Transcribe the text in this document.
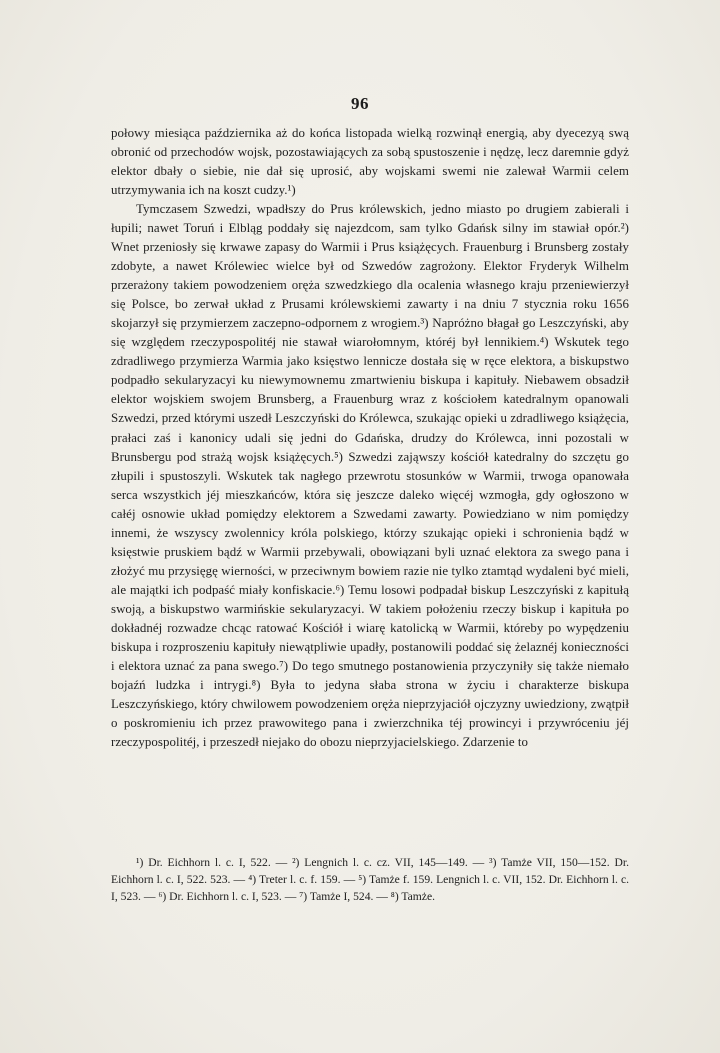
96

połowy miesiąca października aż do końca listopada wielką rozwinął energią, aby dyecezyą swą obronić od przechodów wojsk, pozostawiających za sobą spustoszenie i nędzę, lecz daremnie gdyż elektor dbały o siebie, nie dał się uprosić, aby wojskami swemi nie zalewał Warmii celem utrzymywania ich na koszt cudzy.¹)

Tymczasem Szwedzi, wpadłszy do Prus królewskich, jedno miasto po drugiem zabierali i łupili; nawet Toruń i Elbląg poddały się najezdcom, sam tylko Gdańsk silny im stawiał opór.²) Wnet przeniosły się krwawe zapasy do Warmii i Prus książęcych. Frauenburg i Brunsberg zostały zdobyte, a nawet Królewiec wielce był od Szwedów zagrożony. Elektor Fryderyk Wilhelm przerażony takiem powodzeniem oręża szwedzkiego dla ocalenia własnego kraju przeniewierzył się Polsce, bo zerwał układ z Prusami królewskiemi zawarty i na dniu 7 stycznia roku 1656 skojarzył się przymierzem zaczepno-odpornem z wrogiem.³) Napróżno błagał go Leszczyński, aby się względem rzeczypospolitéj nie stawał wiarołomnym, któréj był lennikiem.⁴) Wskutek tego zdradliwego przymierza Warmia jako księstwo lennicze dostała się w ręce elektora, a biskupstwo podpadło sekularyzacyi ku niewymownemu zmartwieniu biskupa i kapituły. Niebawem obsadził elektor wojskiem swojem Brunsberg, a Frauenburg wraz z kościołem katedralnym opanowali Szwedzi, przed którymi uszedł Leszczyński do Królewca, szukając opieki u zdradliwego książęcia, prałaci zaś i kanonicy udali się jedni do Gdańska, drudzy do Królewca, inni pozostali w Brunsbergu pod strażą wojsk książęcych.⁵) Szwedzi zająwszy kościół katedralny do szczętu go złupili i spustoszyli. Wskutek tak nagłego przewrotu stosunków w Warmii, trwoga opanowała serca wszystkich jéj mieszkańców, która się jeszcze daleko więcéj wzmogła, gdy ogłoszono w całéj osnowie układ pomiędzy elektorem a Szwedami zawarty. Powiedziano w nim pomiędzy innemi, że wszyscy zwolennicy króla polskiego, którzy szukając opieki i schronienia bądź w księstwie pruskiem bądź w Warmii przebywali, obowiązani byli uznać elektora za swego pana i złożyć mu przysięgę wierności, w przeciwnym bowiem razie nie tylko ztamtąd wydaleni być mieli, ale majątki ich podpaść miały konfiskacie.⁶) Temu losowi podpadał biskup Leszczyński z kapitułą swoją, a biskupstwo warmińskie sekularyzacyi. W takiem położeniu rzeczy biskup i kapituła po dokładnéj rozwadze chcąc ratować Kościół i wiarę katolicką w Warmii, któreby po wypędzeniu biskupa i rozproszeniu kapituły niewątpliwie upadły, postanowili poddać się żelaznéj konieczności i elektora uznać za pana swego.⁷) Do tego smutnego postanowienia przyczyniły się także niemało bojaźń ludzka i intrygi.⁸) Była to jedyna słaba strona w życiu i charakterze biskupa Leszczyńskiego, który chwilowem powodzeniem oręża nieprzyjaciół ojczyzny uwiedziony, zwątpił o poskromieniu ich przez prawowitego pana i zwierzchnika téj prowincyi i przywróceniu jéj rzeczypospolitéj, i przeszedł niejako do obozu nieprzyjacielskiego. Zdarzenie to

¹) Dr. Eichhorn l. c. I, 522. — ²) Lengnich l. c. cz. VII, 145—149. — ³) Tamże VII, 150—152. Dr. Eichhorn l. c. I, 522. 523. — ⁴) Treter l. c. f. 159. — ⁵) Tamże f. 159. Lengnich l. c. VII, 152. Dr. Eichhorn l. c. I, 523. — ⁶) Dr. Eichhorn l. c. I, 523. — ⁷) Tamże I, 524. — ⁸) Tamże.
